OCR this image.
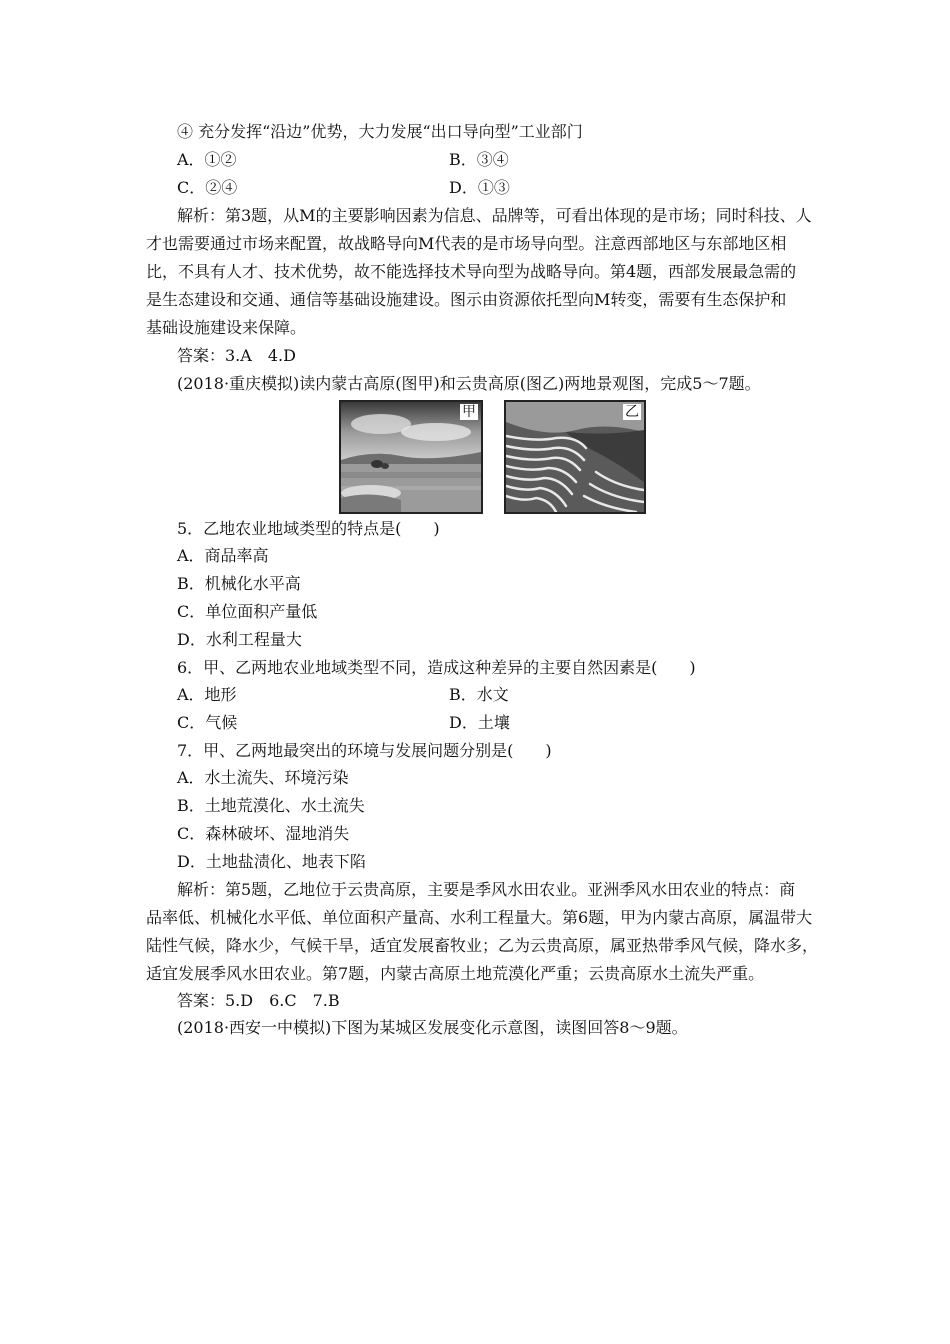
④ 充分发挥“沿边”优势，大力发展“出口导向型”工业部门
A．①②	B．③④
C．②④	D．①③
解析：第3题，从M的主要影响因素为信息、品牌等，可看出体现的是市场；同时科技、人
才也需要通过市场来配置，故战略导向M代表的是市场导向型。注意西部地区与东部地区相
比，不具有人才、技术优势，故不能选择技术导向型为战略导向。第4题，西部发展最急需的
是生态建设和交通、通信等基础设施建设。图示由资源依托型向M转变，需要有生态保护和
基础设施建设来保障。
答案：3.A　4.D
(2018·重庆模拟)读内蒙古高原(图甲)和云贵高原(图乙)两地景观图，完成5～7题。
甲	乙
5．乙地农业地域类型的特点是(　　)
A．商品率高
B．机械化水平高
C．单位面积产量低
D．水利工程量大
6．甲、乙两地农业地域类型不同，造成这种差异的主要自然因素是(　　)
A．地形	B．水文
C．气候	D．土壤
7．甲、乙两地最突出的环境与发展问题分别是(　　)
A．水土流失、环境污染
B．土地荒漠化、水土流失
C．森林破坏、湿地消失
D．土地盐渍化、地表下陷
解析：第5题，乙地位于云贵高原，主要是季风水田农业。亚洲季风水田农业的特点：商
品率低、机械化水平低、单位面积产量高、水利工程量大。第6题，甲为内蒙古高原，属温带大
陆性气候，降水少，气候干旱，适宜发展畜牧业；乙为云贵高原，属亚热带季风气候，降水多，
适宜发展季风水田农业。第7题，内蒙古高原土地荒漠化严重；云贵高原水土流失严重。
答案：5.D　6.C　7.B
(2018·西安一中模拟)下图为某城区发展变化示意图，读图回答8～9题。
